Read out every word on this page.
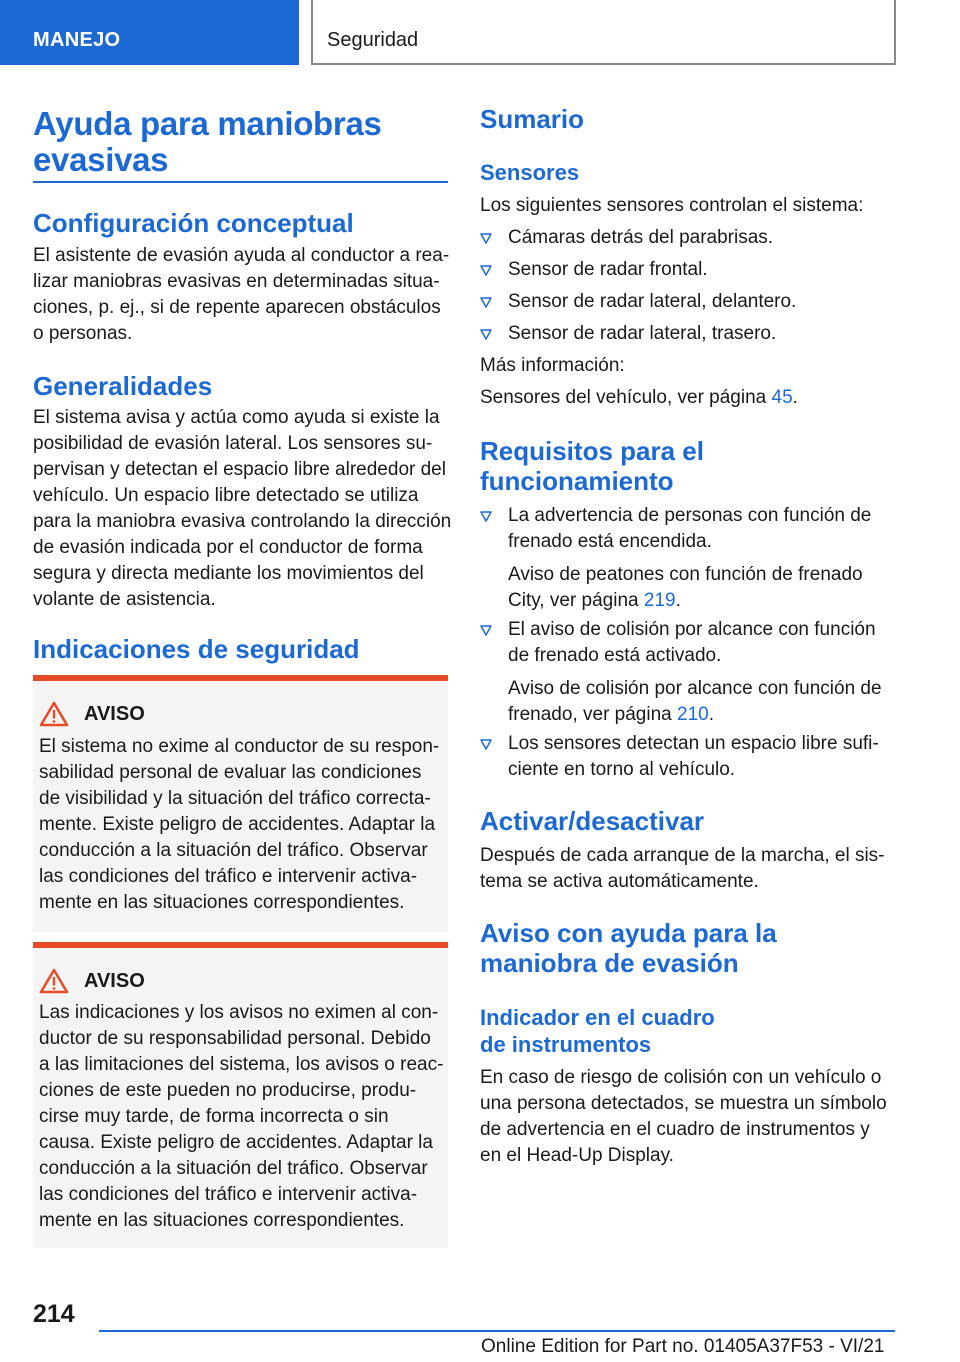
MANEJO	Seguridad
Ayuda para maniobras
evasivas
Configuración conceptual
El asistente de evasión ayuda al conductor a rea-
lizar maniobras evasivas en determinadas situa-
ciones, p. ej., si de repente aparecen obstáculos
o personas.
Generalidades
El sistema avisa y actúa como ayuda si existe la
posibilidad de evasión lateral. Los sensores su-
pervisan y detectan el espacio libre alrededor del
vehículo. Un espacio libre detectado se utiliza
para la maniobra evasiva controlando la dirección
de evasión indicada por el conductor de forma
segura y directa mediante los movimientos del
volante de asistencia.
Indicaciones de seguridad
AVISO
El sistema no exime al conductor de su respon-
sabilidad personal de evaluar las condiciones
de visibilidad y la situación del tráfico correcta-
mente. Existe peligro de accidentes. Adaptar la
conducción a la situación del tráfico. Observar
las condiciones del tráfico e intervenir activa-
mente en las situaciones correspondientes.
AVISO
Las indicaciones y los avisos no eximen al con-
ductor de su responsabilidad personal. Debido
a las limitaciones del sistema, los avisos o reac-
ciones de este pueden no producirse, produ-
cirse muy tarde, de forma incorrecta o sin
causa. Existe peligro de accidentes. Adaptar la
conducción a la situación del tráfico. Observar
las condiciones del tráfico e intervenir activa-
mente en las situaciones correspondientes.
Sumario
Sensores
Los siguientes sensores controlan el sistema:
Cámaras detrás del parabrisas.
Sensor de radar frontal.
Sensor de radar lateral, delantero.
Sensor de radar lateral, trasero.
Más información:
Sensores del vehículo, ver página 45.
Requisitos para el
funcionamiento
La advertencia de personas con función de
frenado está encendida.
Aviso de peatones con función de frenado
City, ver página 219.
El aviso de colisión por alcance con función
de frenado está activado.
Aviso de colisión por alcance con función de
frenado, ver página 210.
Los sensores detectan un espacio libre sufi-
ciente en torno al vehículo.
Activar/desactivar
Después de cada arranque de la marcha, el sis-
tema se activa automáticamente.
Aviso con ayuda para la
maniobra de evasión
Indicador en el cuadro
de instrumentos
En caso de riesgo de colisión con un vehículo o
una persona detectados, se muestra un símbolo
de advertencia en el cuadro de instrumentos y
en el Head-Up Display.
214
Online Edition for Part no. 01405A37F53 - VI/21
